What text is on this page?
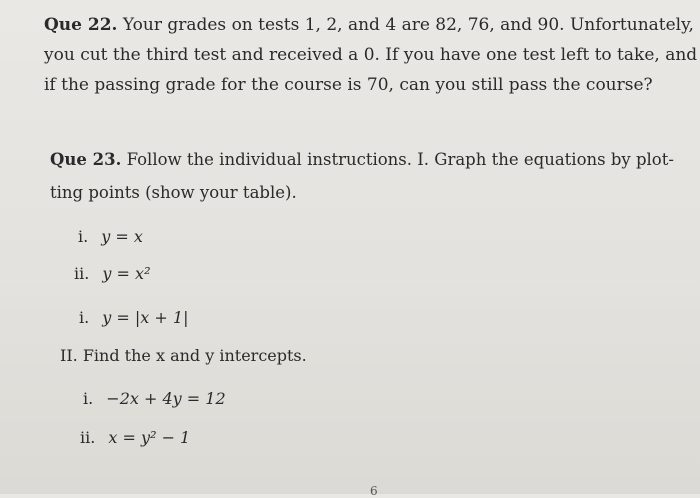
Que 22. Your grades on tests 1, 2, and 4 are 82, 76, and 90. Unfortunately,
you cut the third test and received a 0. If you have one test left to take, and
if the passing grade for the course is 70, can you still pass the course?
Que 23. Follow the individual instructions. I. Graph the equations by plot-
ting points (show your table).
i. y = x
ii. y = x²
i. y = |x + 1|
II. Find the x and y intercepts.
i. −2x + 4y = 12
ii. x = y² − 1
6
